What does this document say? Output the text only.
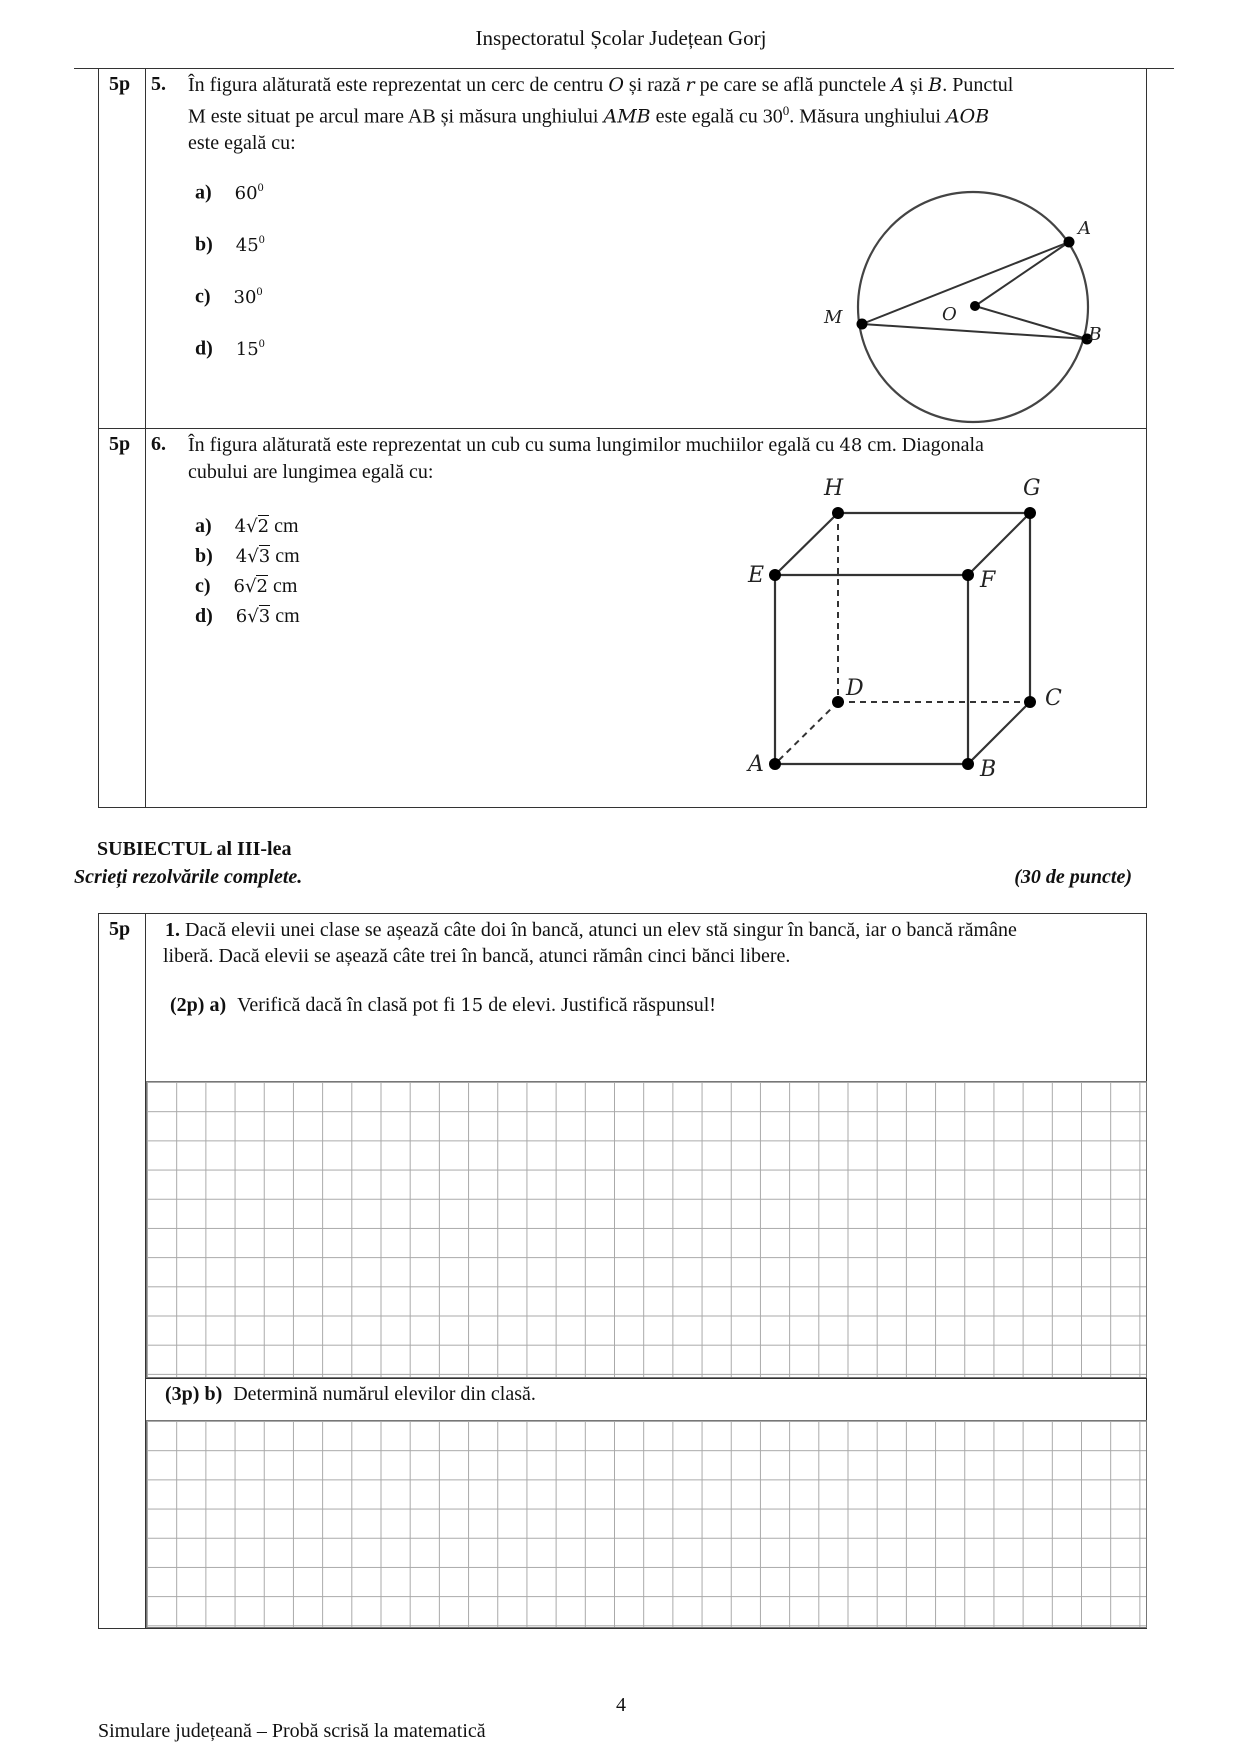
Inspectoratul Școlar Județean Gorj
5p 5. În figura alăturată este reprezentat un cerc de centru O și rază r pe care se află punctele A și B. Punctul
M este situat pe arcul mare AB și măsura unghiului AMB este egală cu $30^0$. Măsura unghiului AOB
este egală cu:
a) $60^0$
b) $45^0$
c) $30^0$
d) $15^0$
A
B
M	O
5p 6. În figura alăturată este reprezentat un cub cu suma lungimilor muchiilor egală cu 48 cm. Diagonala
cubului are lungimea egală cu:
a) 4√2 cm
b) 4√3 cm
c) 6√2 cm
d) 6√3 cm
H	G
E	F
D	C
A	B
SUBIECTUL al III-lea
Scrieți rezolvările complete.	(30 de puncte)
5p 1. Dacă elevii unei clase se așează câte doi în bancă, atunci un elev stă singur în bancă, iar o bancă rămâne
liberă. Dacă elevii se așează câte trei în bancă, atunci rămân cinci bănci libere.
(2p) a) Verifică dacă în clasă pot fi 15 de elevi. Justifică răspunsul!
(3p) b) Determină numărul elevilor din clasă.
4
Simulare județeană – Probă scrisă la matematică
